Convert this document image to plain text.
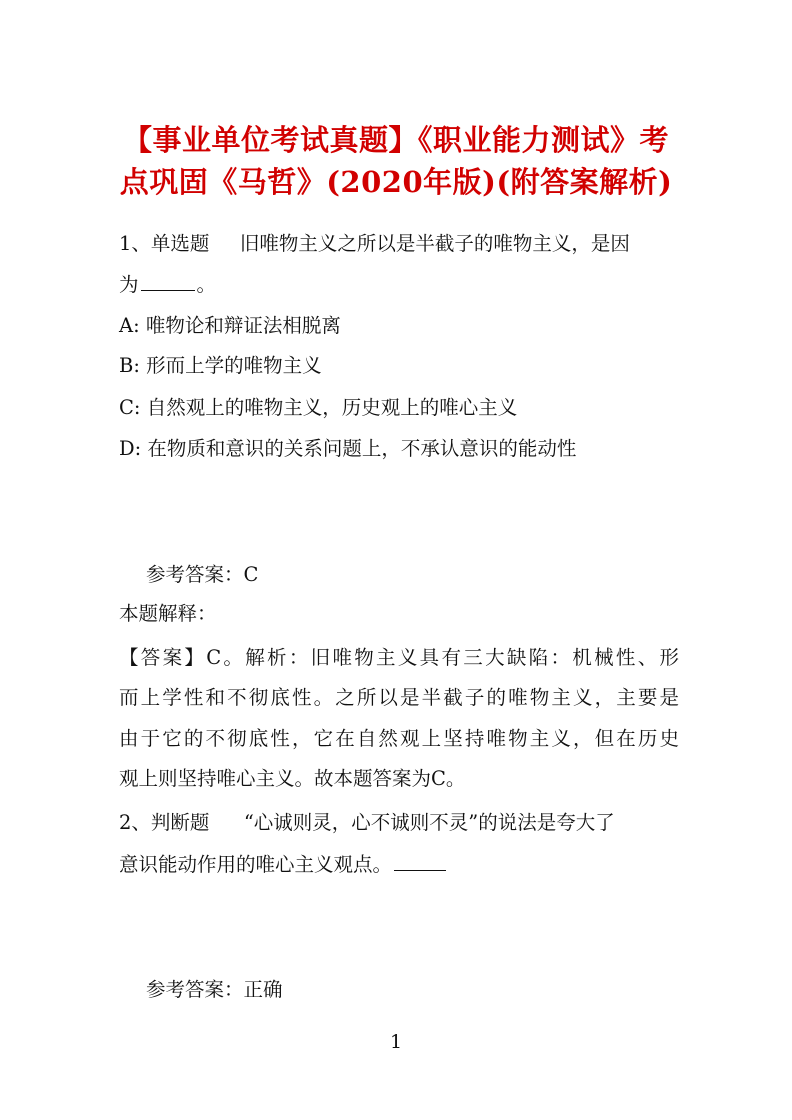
【事业单位考试真题】《职业能力测试》考
点巩固《马哲》(2020年版)(附答案解析)
1、单选题 旧唯物主义之所以是半截子的唯物主义，是因
为	。
A: 唯物论和辩证法相脱离
B: 形而上学的唯物主义
C: 自然观上的唯物主义，历史观上的唯心主义
D: 在物质和意识的关系问题上，不承认意识的能动性
参考答案：C
本题解释：
【答案】C。解析：旧唯物主义具有三大缺陷：机械性、形
而上学性和不彻底性。之所以是半截子的唯物主义，主要是
由于它的不彻底性，它在自然观上坚持唯物主义，但在历史
观上则坚持唯心主义。故本题答案为C。
2、判断题 “心诚则灵，心不诚则不灵”的说法是夸大了
意识能动作用的唯心主义观点。
参考答案：正确
1
